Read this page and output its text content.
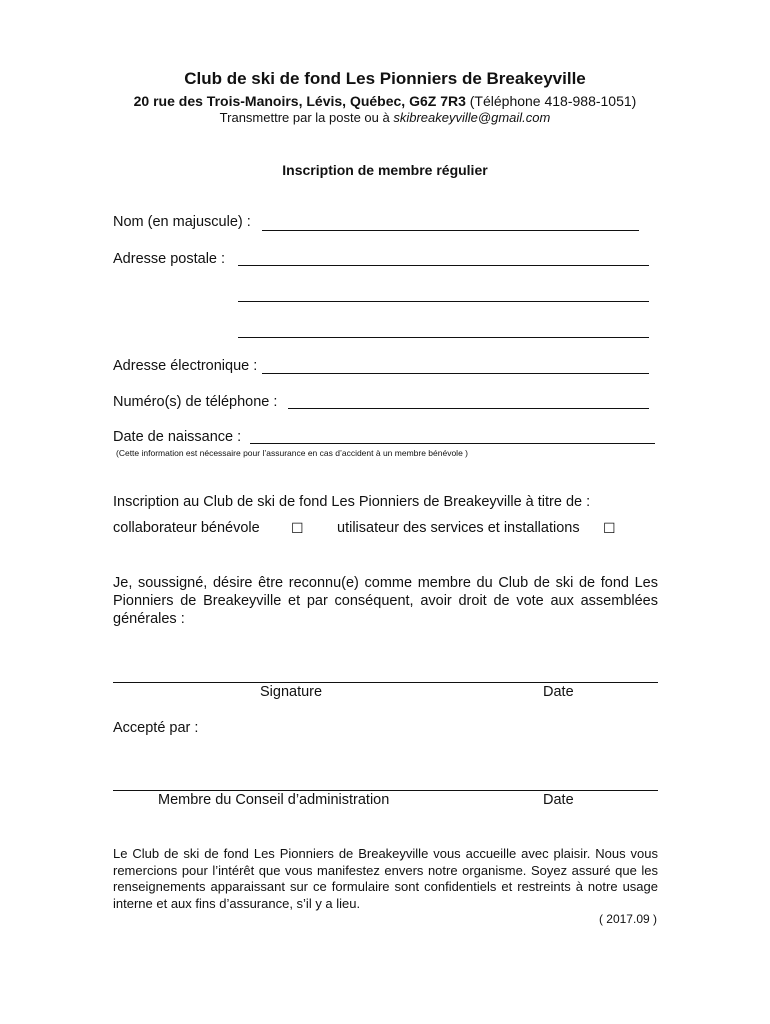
Club de ski de fond Les Pionniers de Breakeyville
20 rue des Trois-Manoirs, Lévis, Québec, G6Z 7R3 (Téléphone 418-988-1051)
Transmettre par la poste ou à skibreakeyville@gmail.com
Inscription de membre régulier
Nom (en majuscule) :
Adresse postale :
Adresse électronique :
Numéro(s) de téléphone :
Date de naissance :
(Cette information est nécessaire pour l’assurance en cas d’accident à un membre bénévole )
Inscription au Club de ski de fond Les Pionniers de Breakeyville à titre de :
collaborateur bénévole ☐ utilisateur des services et installations ☐
Je, soussigné, désire être reconnu(e) comme membre du Club de ski de fond Les Pionniers de Breakeyville et par conséquent, avoir droit de vote aux assemblées générales :
Signature	Date
Accepté par :
Membre du Conseil d’administration	Date
Le Club de ski de fond Les Pionniers de Breakeyville vous accueille avec plaisir. Nous vous remercions pour l’intérêt que vous manifestez envers notre organisme. Soyez assuré que les renseignements apparaissant sur ce formulaire sont confidentiels et restreints à notre usage interne et aux fins d’assurance, s’il y a lieu.
( 2017.09 )
